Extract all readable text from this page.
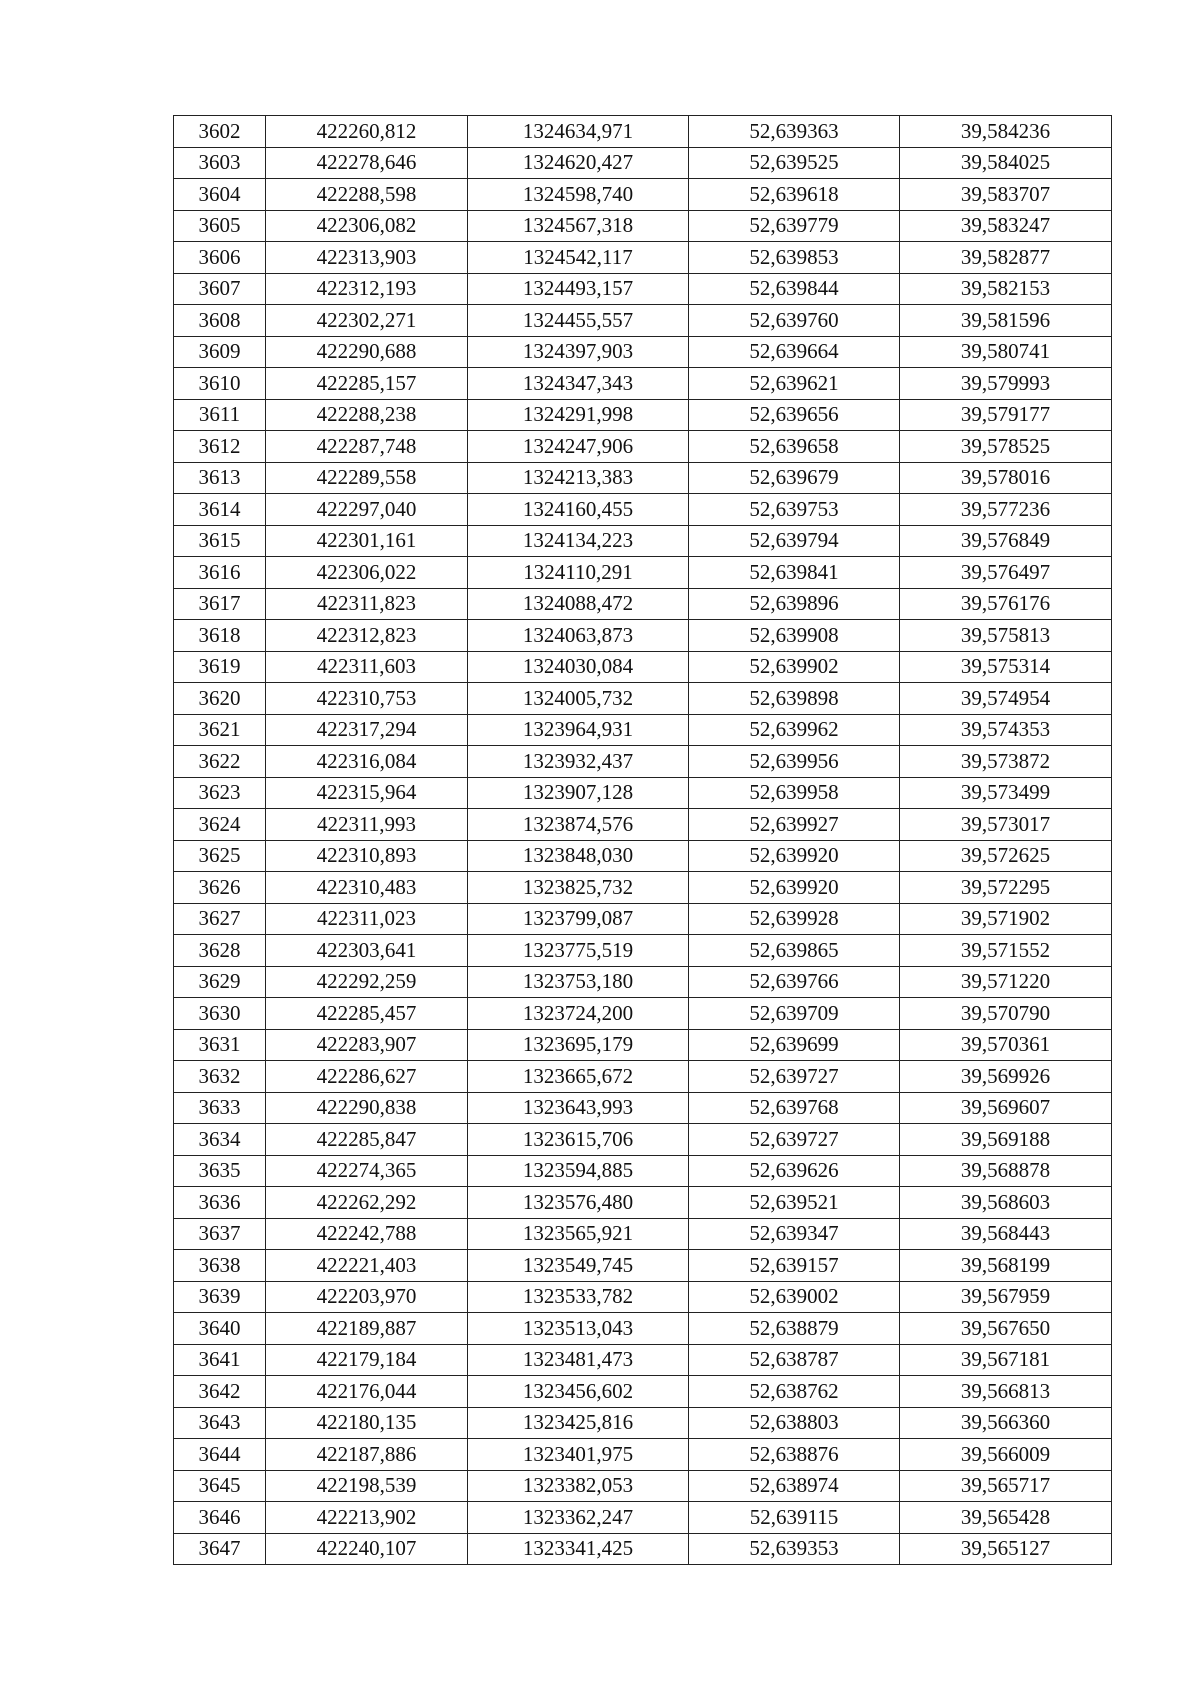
3602	422260,812	1324634,971	52,639363	39,584236
3603	422278,646	1324620,427	52,639525	39,584025
3604	422288,598	1324598,740	52,639618	39,583707
3605	422306,082	1324567,318	52,639779	39,583247
3606	422313,903	1324542,117	52,639853	39,582877
3607	422312,193	1324493,157	52,639844	39,582153
3608	422302,271	1324455,557	52,639760	39,581596
3609	422290,688	1324397,903	52,639664	39,580741
3610	422285,157	1324347,343	52,639621	39,579993
3611	422288,238	1324291,998	52,639656	39,579177
3612	422287,748	1324247,906	52,639658	39,578525
3613	422289,558	1324213,383	52,639679	39,578016
3614	422297,040	1324160,455	52,639753	39,577236
3615	422301,161	1324134,223	52,639794	39,576849
3616	422306,022	1324110,291	52,639841	39,576497
3617	422311,823	1324088,472	52,639896	39,576176
3618	422312,823	1324063,873	52,639908	39,575813
3619	422311,603	1324030,084	52,639902	39,575314
3620	422310,753	1324005,732	52,639898	39,574954
3621	422317,294	1323964,931	52,639962	39,574353
3622	422316,084	1323932,437	52,639956	39,573872
3623	422315,964	1323907,128	52,639958	39,573499
3624	422311,993	1323874,576	52,639927	39,573017
3625	422310,893	1323848,030	52,639920	39,572625
3626	422310,483	1323825,732	52,639920	39,572295
3627	422311,023	1323799,087	52,639928	39,571902
3628	422303,641	1323775,519	52,639865	39,571552
3629	422292,259	1323753,180	52,639766	39,571220
3630	422285,457	1323724,200	52,639709	39,570790
3631	422283,907	1323695,179	52,639699	39,570361
3632	422286,627	1323665,672	52,639727	39,569926
3633	422290,838	1323643,993	52,639768	39,569607
3634	422285,847	1323615,706	52,639727	39,569188
3635	422274,365	1323594,885	52,639626	39,568878
3636	422262,292	1323576,480	52,639521	39,568603
3637	422242,788	1323565,921	52,639347	39,568443
3638	422221,403	1323549,745	52,639157	39,568199
3639	422203,970	1323533,782	52,639002	39,567959
3640	422189,887	1323513,043	52,638879	39,567650
3641	422179,184	1323481,473	52,638787	39,567181
3642	422176,044	1323456,602	52,638762	39,566813
3643	422180,135	1323425,816	52,638803	39,566360
3644	422187,886	1323401,975	52,638876	39,566009
3645	422198,539	1323382,053	52,638974	39,565717
3646	422213,902	1323362,247	52,639115	39,565428
3647	422240,107	1323341,425	52,639353	39,565127
